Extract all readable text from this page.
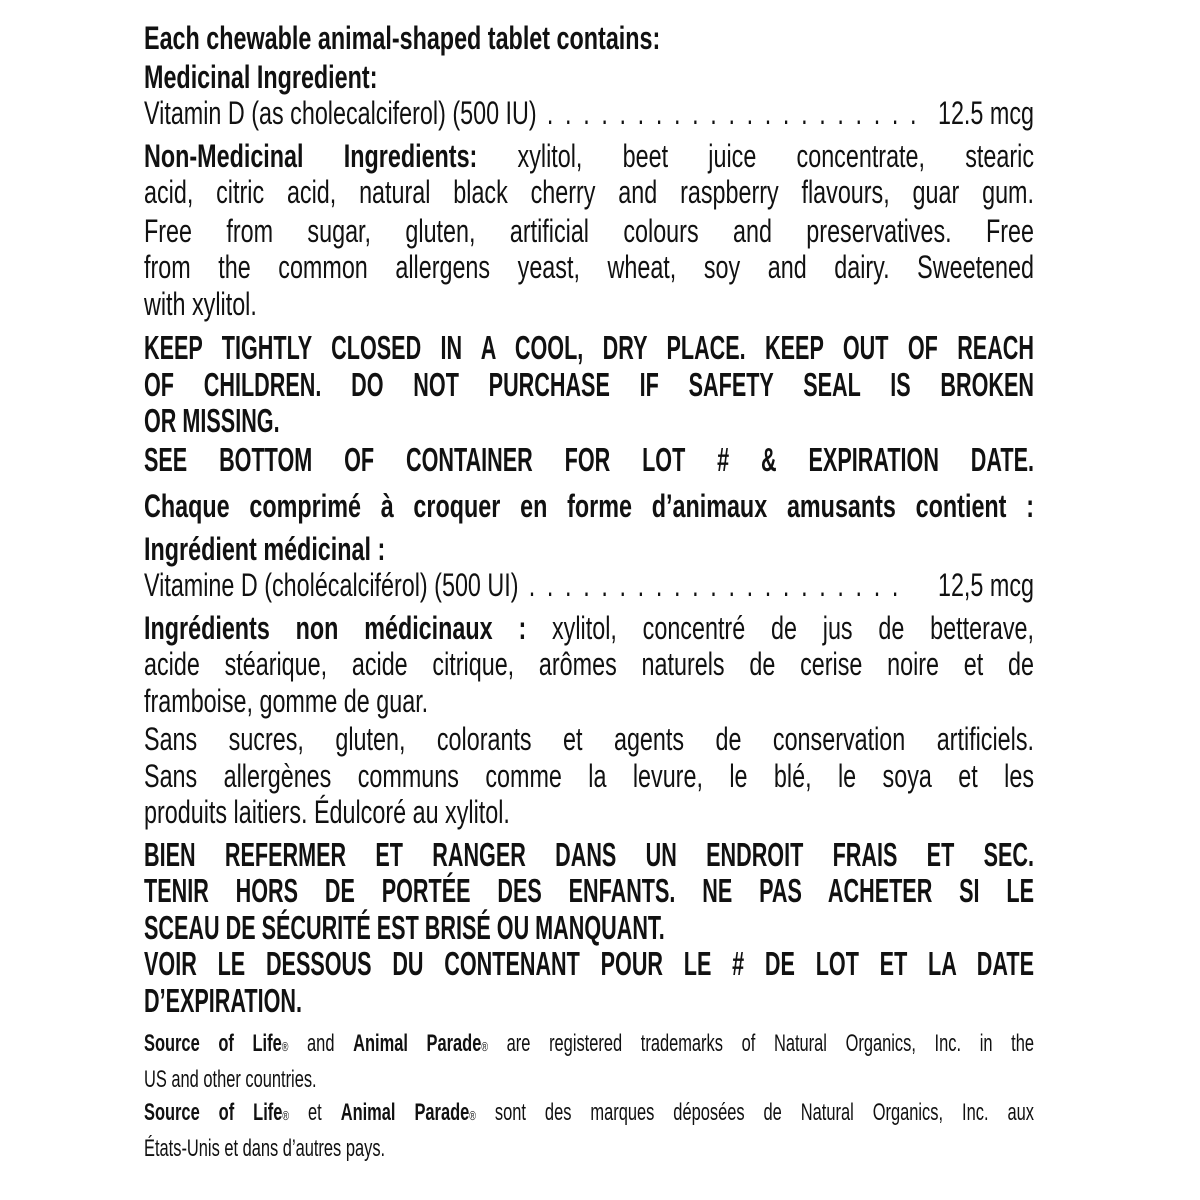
Each chewable animal-shaped tablet contains:
Medicinal Ingredient:
Vitamin D (as cholecalciferol) (500 IU) ..................... 12.5 mcg
Non-Medicinal Ingredients: xylitol, beet juice concentrate, stearic
acid, citric acid, natural black cherry and raspberry flavours, guar gum.
Free from sugar, gluten, artificial colours and preservatives. Free
from the common allergens yeast, wheat, soy and dairy. Sweetened
with xylitol.
KEEP TIGHTLY CLOSED IN A COOL, DRY PLACE. KEEP OUT OF REACH
OF CHILDREN. DO NOT PURCHASE IF SAFETY SEAL IS BROKEN
OR MISSING.
SEE BOTTOM OF CONTAINER FOR LOT # & EXPIRATION DATE.
Chaque comprimé à croquer en forme d’animaux amusants contient :
Ingrédient médicinal :
Vitamine D (cholécalciférol) (500 UI) ..................... 12,5 mcg
Ingrédients non médicinaux : xylitol, concentré de jus de betterave,
acide stéarique, acide citrique, arômes naturels de cerise noire et de
framboise, gomme de guar.
Sans sucres, gluten, colorants et agents de conservation artificiels.
Sans allergènes communs comme la levure, le blé, le soya et les
produits laitiers. Édulcoré au xylitol.
BIEN REFERMER ET RANGER DANS UN ENDROIT FRAIS ET SEC.
TENIR HORS DE PORTÉE DES ENFANTS. NE PAS ACHETER SI LE
SCEAU DE SÉCURITÉ EST BRISÉ OU MANQUANT.
VOIR LE DESSOUS DU CONTENANT POUR LE # DE LOT ET LA DATE
D’EXPIRATION.
Source of Life® and Animal Parade® are registered trademarks of Natural Organics, Inc. in the
US and other countries.
Source of Life® et Animal Parade® sont des marques déposées de Natural Organics, Inc. aux
États-Unis et dans d’autres pays.
